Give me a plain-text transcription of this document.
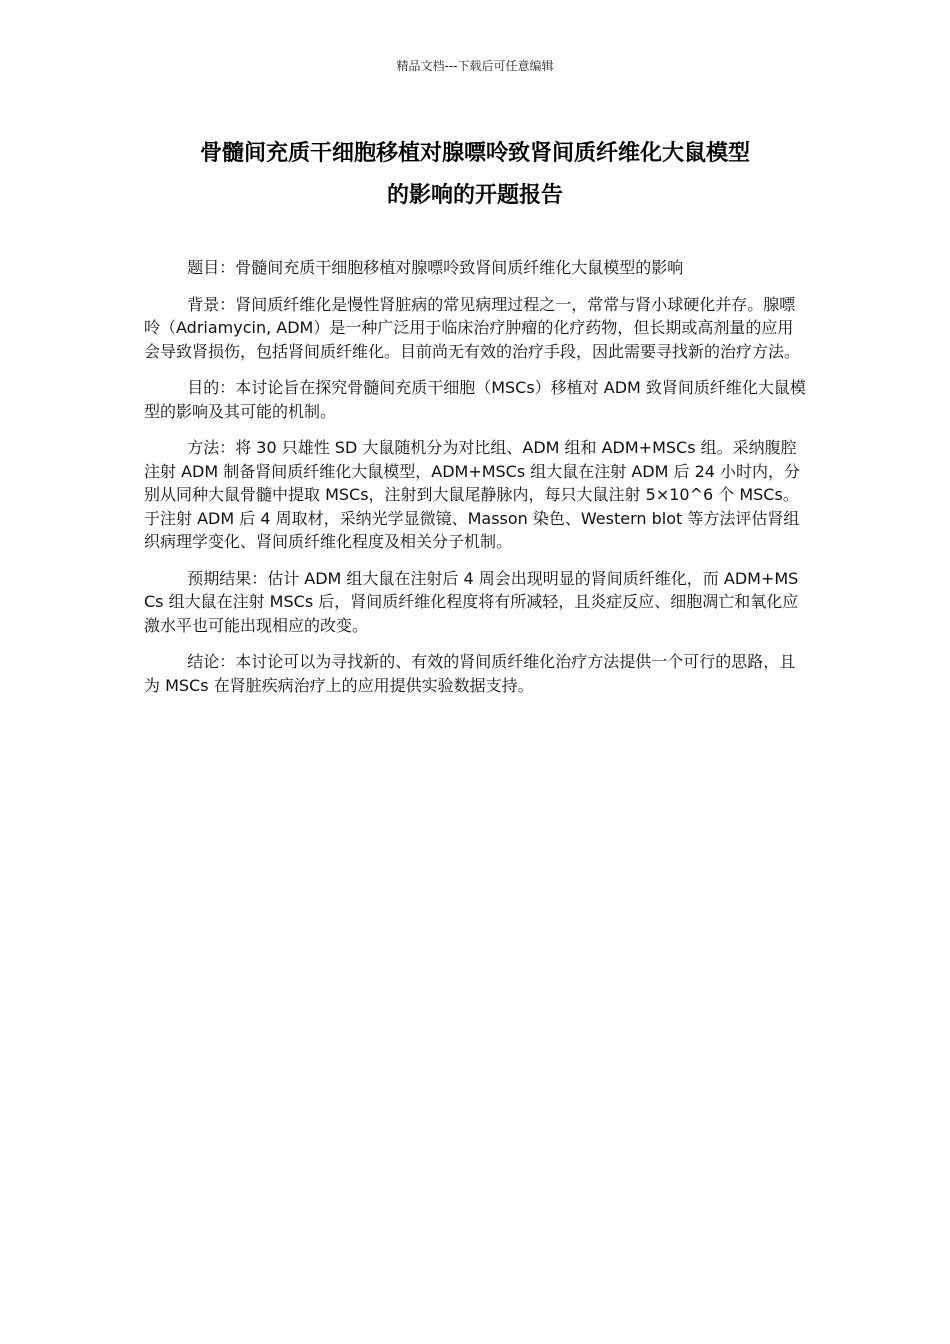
精品文档---下载后可任意编辑
骨髓间充质干细胞移植对腺嘌呤致肾间质纤维化大鼠模型
的影响的开题报告

题目：骨髓间充质干细胞移植对腺嘌呤致肾间质纤维化大鼠模型的影响

背景：肾间质纤维化是慢性肾脏病的常见病理过程之一，常常与肾小球硬化并存。腺嘌呤（Adriamycin, ADM）是一种广泛用于临床治疗肿瘤的化疗药物，但长期或高剂量的应用会导致肾损伤，包括肾间质纤维化。目前尚无有效的治疗手段，因此需要寻找新的治疗方法。

目的：本讨论旨在探究骨髓间充质干细胞（MSCs）移植对 ADM 致肾间质纤维化大鼠模型的影响及其可能的机制。

方法：将 30 只雄性 SD 大鼠随机分为对比组、ADM 组和 ADM+MSCs 组。采纳腹腔注射 ADM 制备肾间质纤维化大鼠模型，ADM+MSCs 组大鼠在注射 ADM 后 24 小时内，分别从同种大鼠骨髓中提取 MSCs，注射到大鼠尾静脉内，每只大鼠注射 5×10^6 个 MSCs。于注射 ADM 后 4 周取材，采纳光学显微镜、Masson 染色、Western blot 等方法评估肾组织病理学变化、肾间质纤维化程度及相关分子机制。

预期结果：估计 ADM 组大鼠在注射后 4 周会出现明显的肾间质纤维化，而 ADM+MSCs 组大鼠在注射 MSCs 后，肾间质纤维化程度将有所减轻，且炎症反应、细胞凋亡和氧化应激水平也可能出现相应的改变。

结论：本讨论可以为寻找新的、有效的肾间质纤维化治疗方法提供一个可行的思路，且为 MSCs 在肾脏疾病治疗上的应用提供实验数据支持。
